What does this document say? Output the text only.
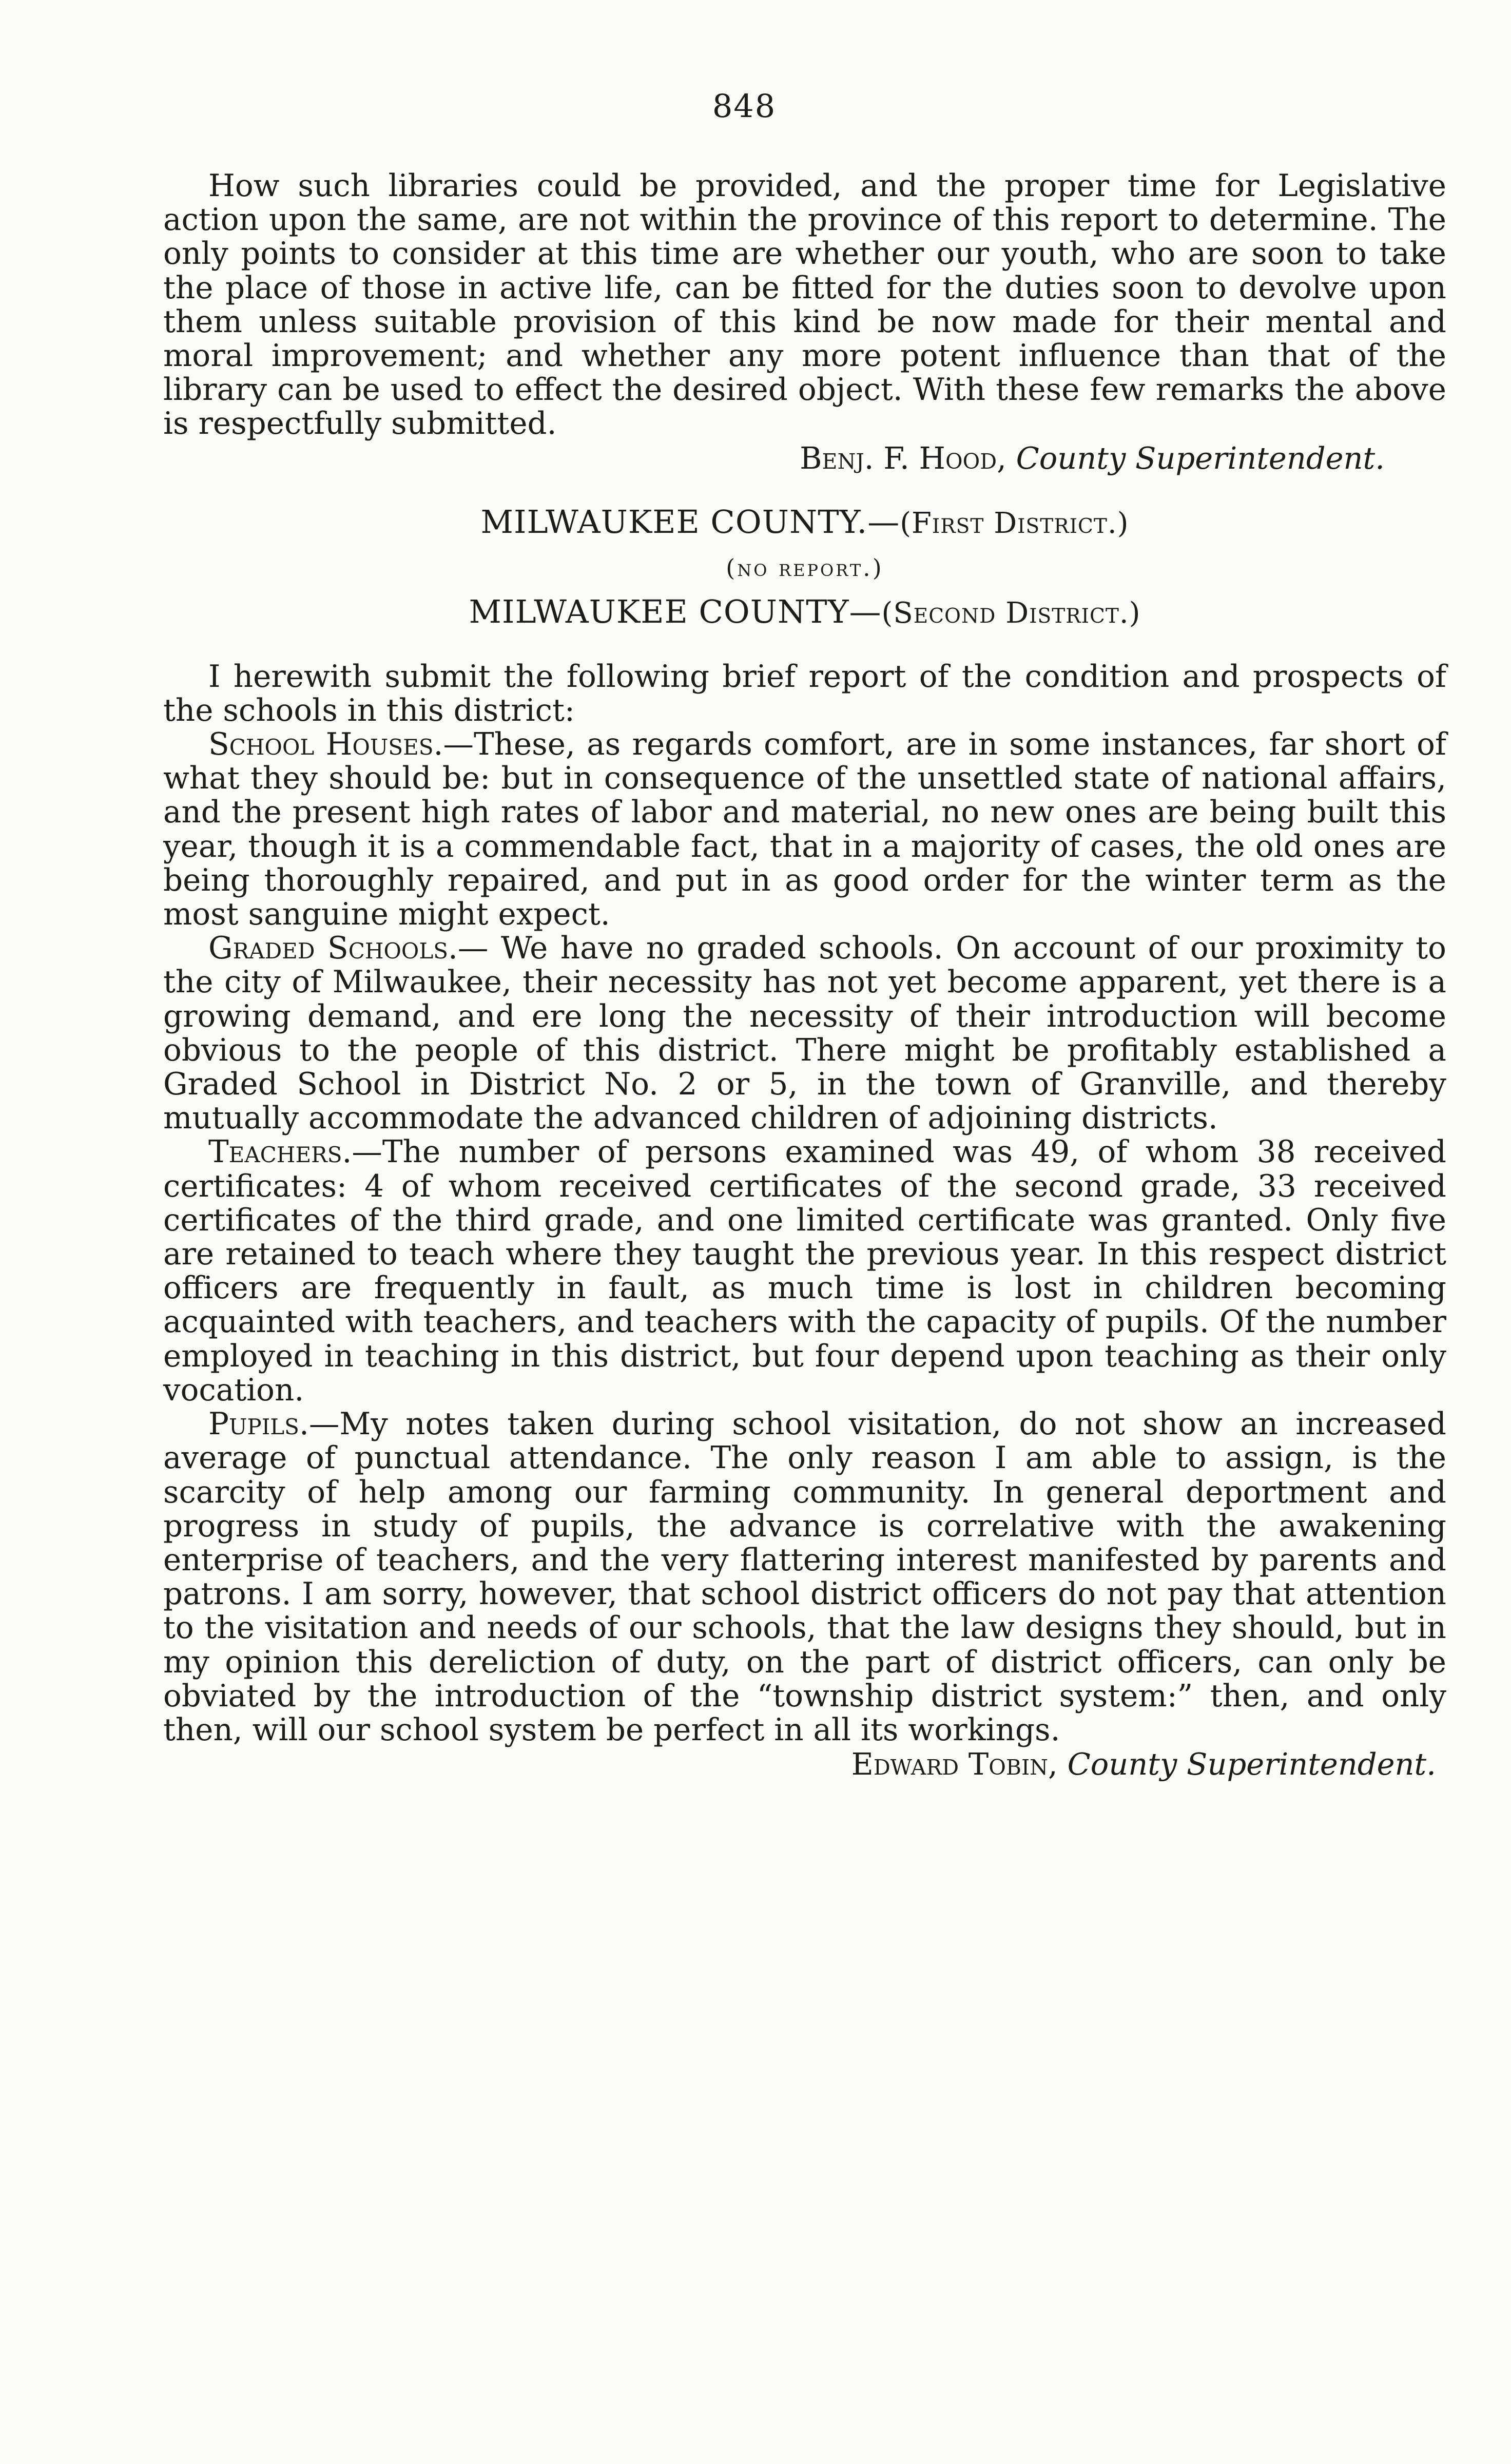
848

How such libraries could be provided, and the proper time for Legislative action upon the same, are not within the province of this report to determine. The only points to consider at this time are whether our youth, who are soon to take the place of those in active life, can be fitted for the duties soon to devolve upon them unless suitable provision of this kind be now made for their mental and moral improvement; and whether any more potent influence than that of the library can be used to effect the desired object. With these few remarks the above is respectfully submitted.

Benj. F. Hood, County Superintendent.

MILWAUKEE COUNTY.—(First District.)

(no report.)

MILWAUKEE COUNTY—(Second District.)

I herewith submit the following brief report of the condition and prospects of the schools in this district:

School Houses.—These, as regards comfort, are in some instances, far short of what they should be: but in consequence of the unsettled state of national affairs, and the present high rates of labor and material, no new ones are being built this year, though it is a commendable fact, that in a majority of cases, the old ones are being thoroughly repaired, and put in as good order for the winter term as the most sanguine might expect.

Graded Schools.— We have no graded schools. On account of our proximity to the city of Milwaukee, their necessity has not yet become apparent, yet there is a growing demand, and ere long the necessity of their introduction will become obvious to the people of this district. There might be profitably established a Graded School in District No. 2 or 5, in the town of Granville, and thereby mutually accommodate the advanced children of adjoining districts.

Teachers.—The number of persons examined was 49, of whom 38 received certificates: 4 of whom received certificates of the second grade, 33 received certificates of the third grade, and one limited certificate was granted. Only five are retained to teach where they taught the previous year. In this respect district officers are frequently in fault, as much time is lost in children becoming acquainted with teachers, and teachers with the capacity of pupils. Of the number employed in teaching in this district, but four depend upon teaching as their only vocation.

Pupils.—My notes taken during school visitation, do not show an increased average of punctual attendance. The only reason I am able to assign, is the scarcity of help among our farming community. In general deportment and progress in study of pupils, the advance is correlative with the awakening enterprise of teachers, and the very flattering interest manifested by parents and patrons. I am sorry, however, that school district officers do not pay that attention to the visitation and needs of our schools, that the law designs they should, but in my opinion this dereliction of duty, on the part of district officers, can only be obviated by the introduction of the “township district system:” then, and only then, will our school system be perfect in all its workings.

Edward Tobin, County Superintendent.
